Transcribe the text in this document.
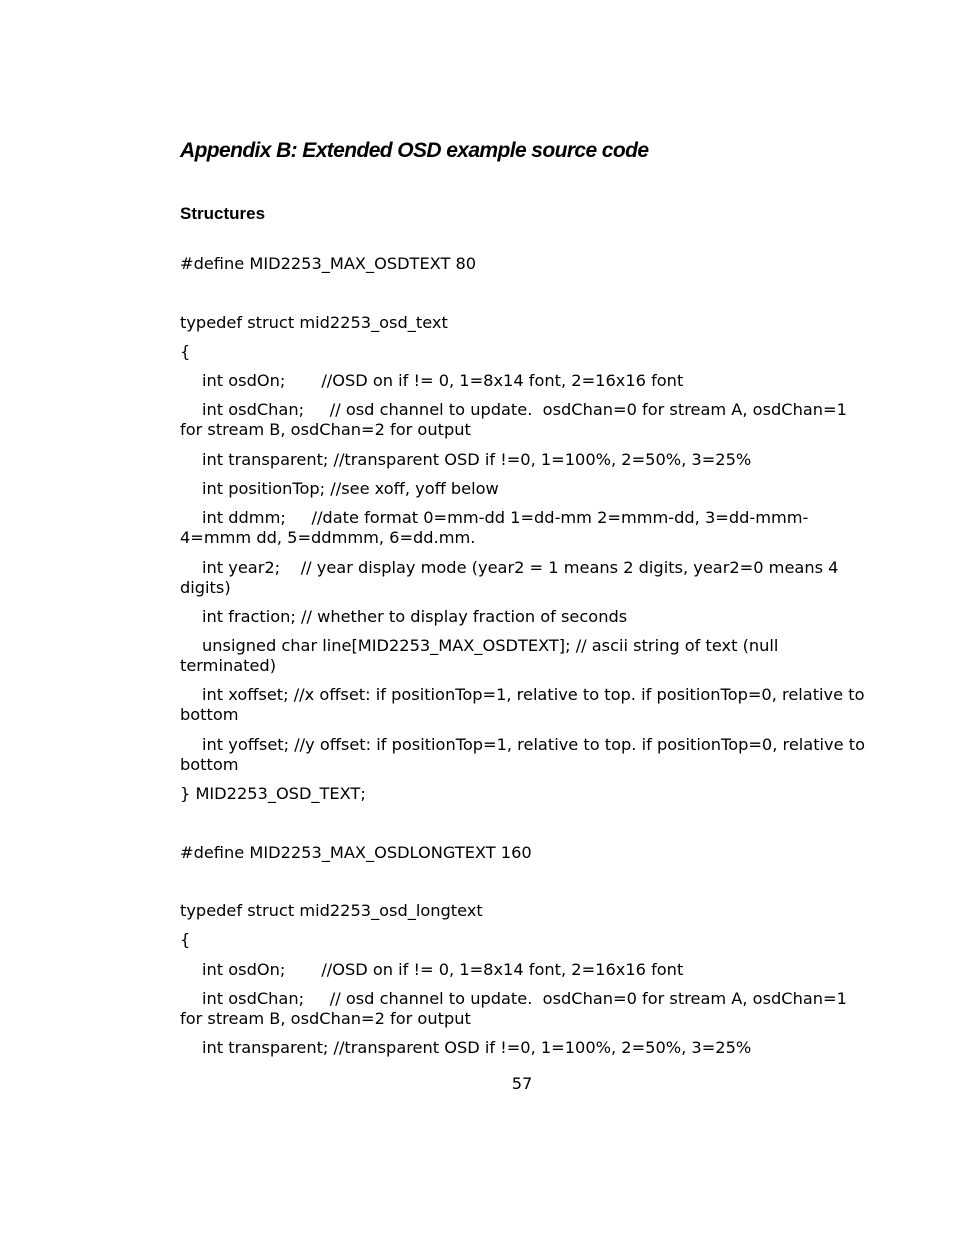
Appendix B: Extended OSD example source code
Structures
#define MID2253_MAX_OSDTEXT 80
typedef struct mid2253_osd_text
{
int osdOn;       //OSD on if != 0, 1=8x14 font, 2=16x16 font
int osdChan;     // osd channel to update.  osdChan=0 for stream A, osdChan=1 for stream B, osdChan=2 for output
int transparent; //transparent OSD if !=0, 1=100%, 2=50%, 3=25%
int positionTop; //see xoff, yoff below
int ddmm;     //date format 0=mm-dd 1=dd-mm 2=mmm-dd, 3=dd-mmm-4=mmm dd, 5=ddmmm, 6=dd.mm.
int year2;    // year display mode (year2 = 1 means 2 digits, year2=0 means 4 digits)
int fraction; // whether to display fraction of seconds
unsigned char line[MID2253_MAX_OSDTEXT]; // ascii string of text (null terminated)
int xoffset; //x offset: if positionTop=1, relative to top. if positionTop=0, relative to bottom
int yoffset; //y offset: if positionTop=1, relative to top. if positionTop=0, relative to bottom
} MID2253_OSD_TEXT;
#define MID2253_MAX_OSDLONGTEXT 160
typedef struct mid2253_osd_longtext
{
int osdOn;       //OSD on if != 0, 1=8x14 font, 2=16x16 font
int osdChan;     // osd channel to update.  osdChan=0 for stream A, osdChan=1 for stream B, osdChan=2 for output
int transparent; //transparent OSD if !=0, 1=100%, 2=50%, 3=25%
57
